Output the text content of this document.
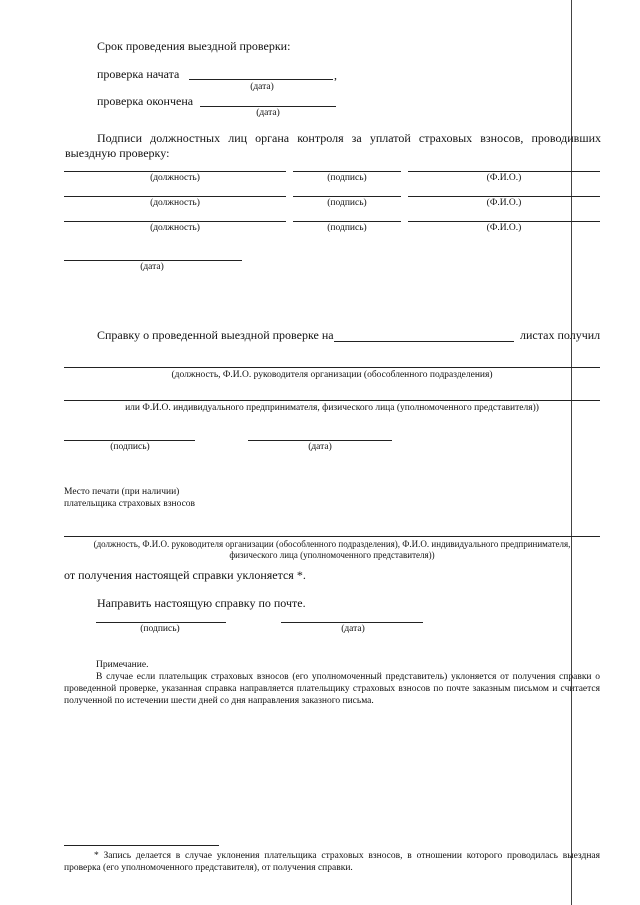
Срок проведения выездной проверки:
проверка начата	,
(дата)
проверка окончена
(дата)
Подписи должностных лиц органа контроля за уплатой страховых взносов, проводивших выездную проверку:
(должность)	(подпись)	(Ф.И.О.)
(должность)	(подпись)	(Ф.И.О.)
(должность)	(подпись)	(Ф.И.О.)
(дата)
Справку о проведенной выездной проверке на	листах получил
(должность, Ф.И.О. руководителя организации (обособленного подразделения)
или Ф.И.О. индивидуального предпринимателя, физического лица (уполномоченного представителя))
(подпись)	(дата)
Место печати (при наличии)
плательщика страховых взносов
(должность, Ф.И.О. руководителя организации (обособленного подразделения), Ф.И.О. индивидуального предпринимателя,
физического лица (уполномоченного представителя))
от получения настоящей справки уклоняется *.
Направить настоящую справку по почте.
(подпись)	(дата)
Примечание.
В случае если плательщик страховых взносов (его уполномоченный представитель) уклоняется от получения справки о проведенной проверке, указанная справка направляется плательщику страховых взносов по почте заказным письмом и считается полученной по истечении шести дней со дня направления заказного письма.
* Запись делается в случае уклонения плательщика страховых взносов, в отношении которого проводилась выездная проверка (его уполномоченного представителя), от получения справки.
